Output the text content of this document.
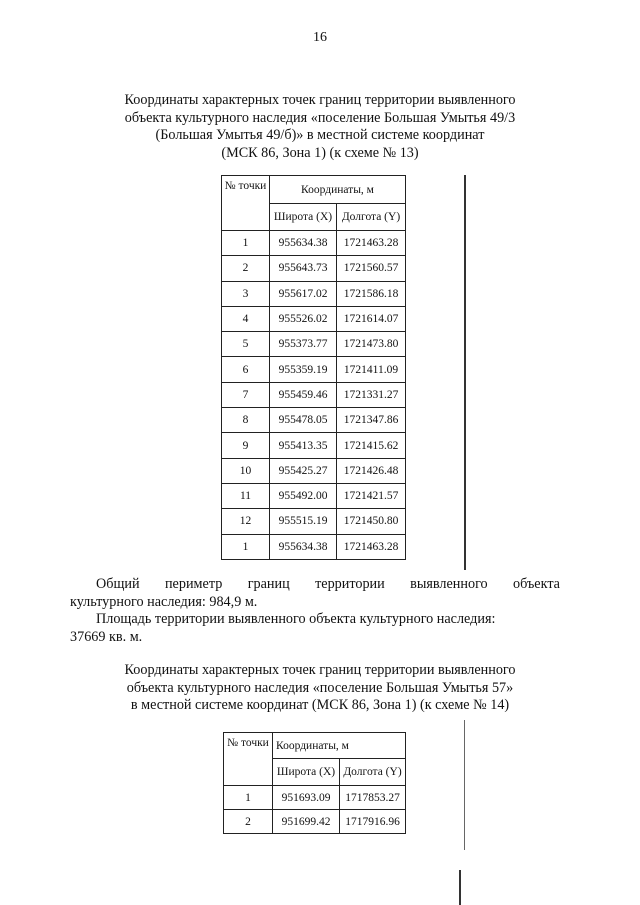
16
Координаты характерных точек границ территории выявленного
объекта культурного наследия «поселение Большая Умытья 49/3
(Большая Умытья 49/б)» в местной системе координат
(МСК 86, Зона 1) (к схеме № 13)
№ точки	Координаты, м	
	Широта (X)	Долгота (Y)
1	955634.38	1721463.28
2	955643.73	1721560.57
3	955617.02	1721586.18
4	955526.02	1721614.07
5	955373.77	1721473.80
6	955359.19	1721411.09
7	955459.46	1721331.27
8	955478.05	1721347.86
9	955413.35	1721415.62
10	955425.27	1721426.48
11	955492.00	1721421.57
12	955515.19	1721450.80
1	955634.38	1721463.28
Общий периметр границ территории выявленного объекта
культурного наследия: 984,9 м.
Площадь территории выявленного объекта культурного наследия:
37669 кв. м.
Координаты характерных точек границ территории выявленного
объекта культурного наследия «поселение Большая Умытья 57»
в местной системе координат (МСК 86, Зона 1) (к схеме № 14)
№ точки	Координаты, м	
	Широта (X)	Долгота (Y)
1	951693.09	1717853.27
2	951699.42	1717916.96
